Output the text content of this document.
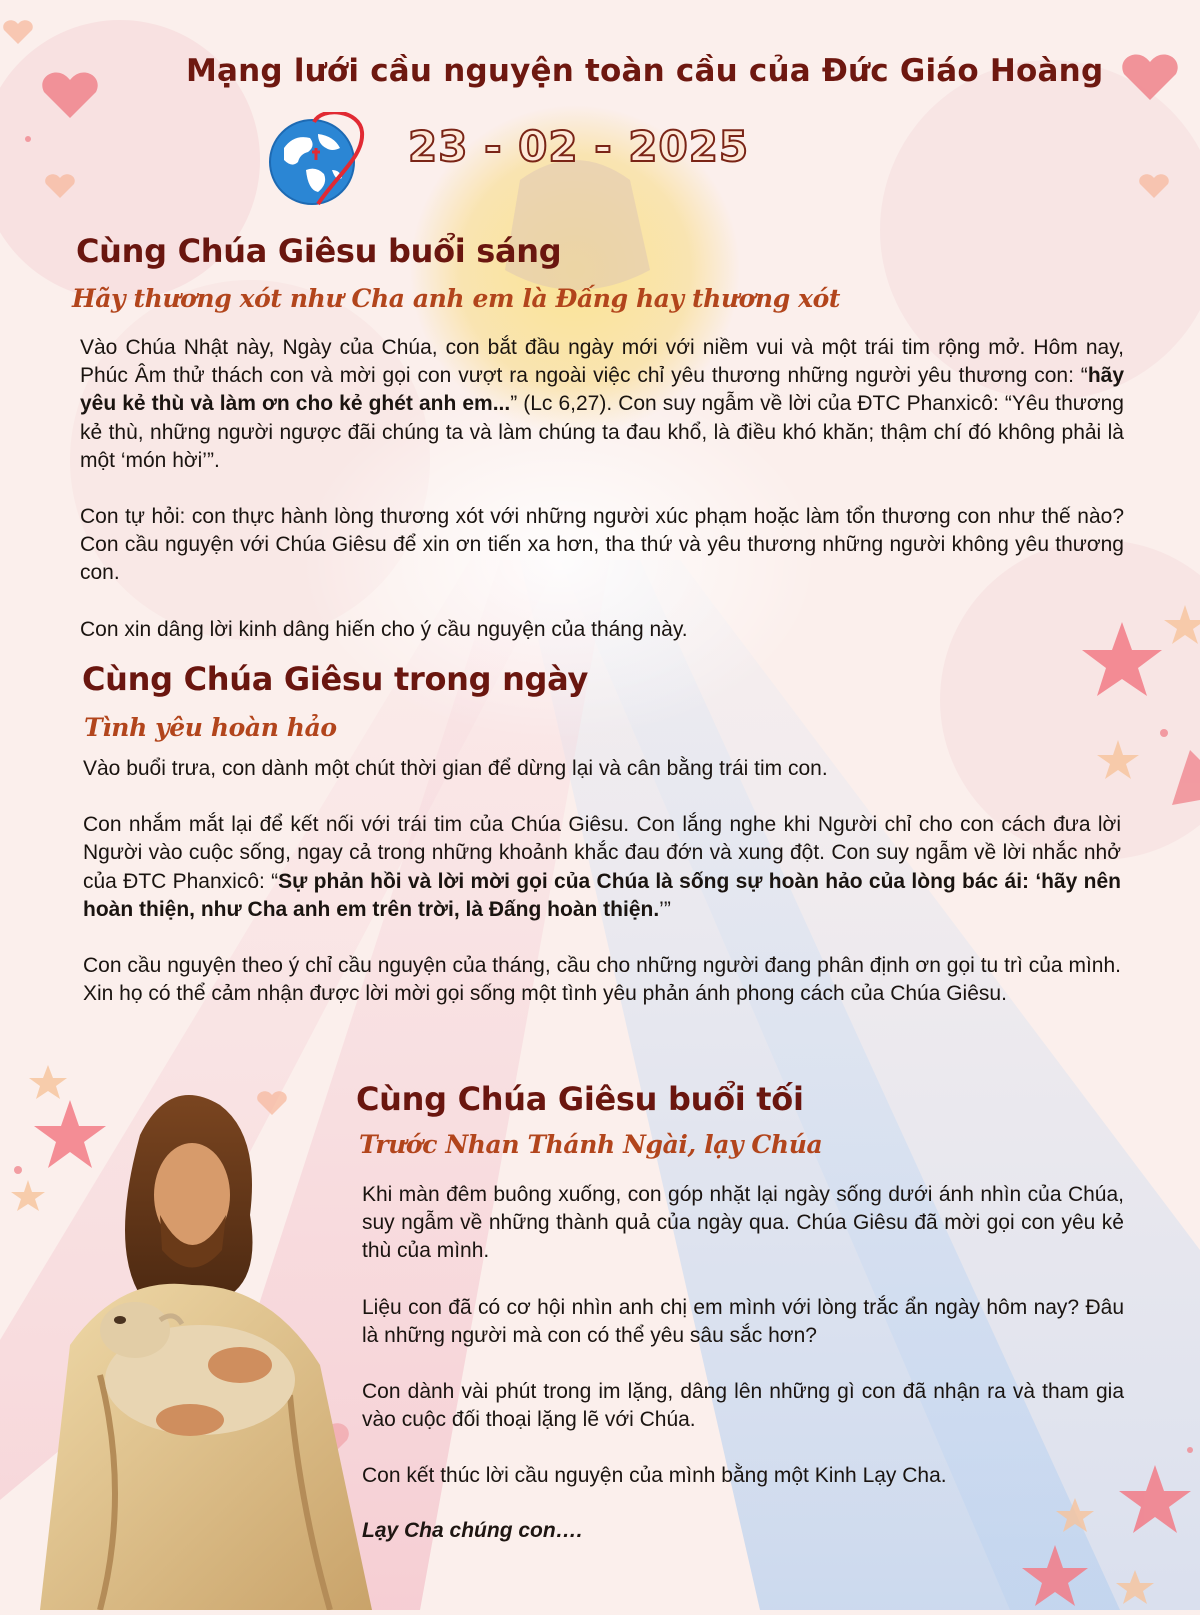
Mạng lưới cầu nguyện toàn cầu của Đức Giáo Hoàng
23 - 02 - 2025
Cùng Chúa Giêsu buổi sáng
Hãy thương xót như Cha anh em là Đấng hay thương xót

Vào Chúa Nhật này, Ngày của Chúa, con bắt đầu ngày mới với niềm vui và một trái tim rộng mở. Hôm nay, Phúc Âm thử thách con và mời gọi con vượt ra ngoài việc chỉ yêu thương những người yêu thương con: “hãy yêu kẻ thù và làm ơn cho kẻ ghét anh em...” (Lc 6,27). Con suy ngẫm về lời của ĐTC Phanxicô: “Yêu thương kẻ thù, những người ngược đãi chúng ta và làm chúng ta đau khổ, là điều khó khăn; thậm chí đó không phải là một ‘món hời’”.

Con tự hỏi: con thực hành lòng thương xót với những người xúc phạm hoặc làm tổn thương con như thế nào? Con cầu nguyện với Chúa Giêsu để xin ơn tiến xa hơn, tha thứ và yêu thương những người không yêu thương con.

Con xin dâng lời kinh dâng hiến cho ý cầu nguyện của tháng này.

Cùng Chúa Giêsu trong ngày
Tình yêu hoàn hảo

Vào buổi trưa, con dành một chút thời gian để dừng lại và cân bằng trái tim con.

Con nhắm mắt lại để kết nối với trái tim của Chúa Giêsu. Con lắng nghe khi Người chỉ cho con cách đưa lời Người vào cuộc sống, ngay cả trong những khoảnh khắc đau đớn và xung đột. Con suy ngẫm về lời nhắc nhở của ĐTC Phanxicô: “Sự phản hồi và lời mời gọi của Chúa là sống sự hoàn hảo của lòng bác ái: ‘hãy nên hoàn thiện, như Cha anh em trên trời, là Đấng hoàn thiện.’”

Con cầu nguyện theo ý chỉ cầu nguyện của tháng, cầu cho những người đang phân định ơn gọi tu trì của mình. Xin họ có thể cảm nhận được lời mời gọi sống một tình yêu phản ánh phong cách của Chúa Giêsu.

Cùng Chúa Giêsu buổi tối
Trước Nhan Thánh Ngài, lạy Chúa

Khi màn đêm buông xuống, con góp nhặt lại ngày sống dưới ánh nhìn của Chúa, suy ngẫm về những thành quả của ngày qua. Chúa Giêsu đã mời gọi con yêu kẻ thù của mình.

Liệu con đã có cơ hội nhìn anh chị em mình với lòng trắc ẩn ngày hôm nay? Đâu là những người mà con có thể yêu sâu sắc hơn?

Con dành vài phút trong im lặng, dâng lên những gì con đã nhận ra và tham gia vào cuộc đối thoại lặng lẽ với Chúa.

Con kết thúc lời cầu nguyện của mình bằng một Kinh Lạy Cha.

Lạy Cha chúng con….
